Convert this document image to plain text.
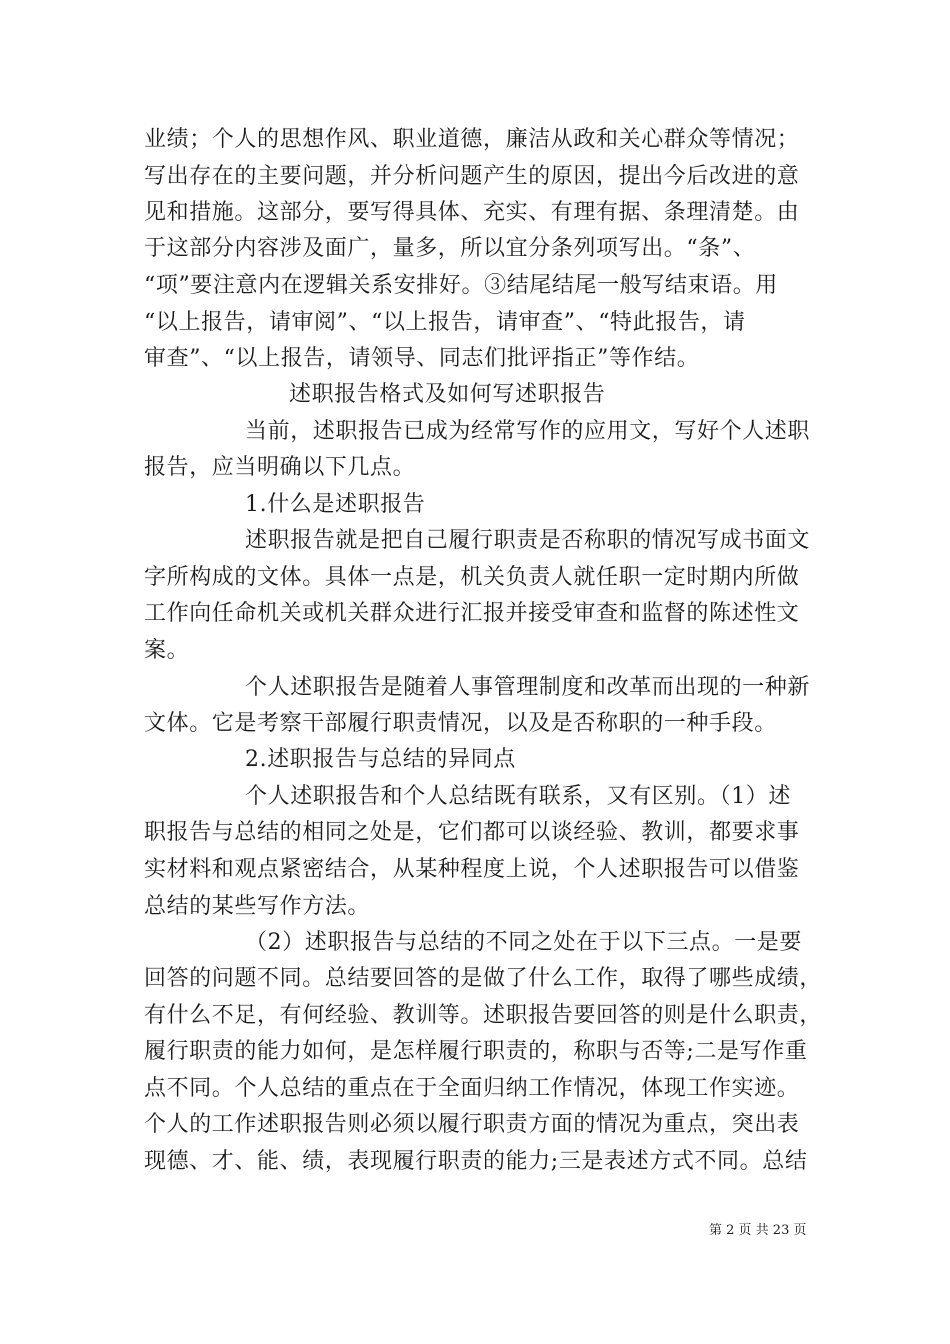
业绩；个人的思想作风、职业道德，廉洁从政和关心群众等情况；
写出存在的主要问题，并分析问题产生的原因，提出今后改进的意
见和措施。这部分，要写得具体、充实、有理有据、条理清楚。由
于这部分内容涉及面广，量多，所以宜分条列项写出。“条”、
“项”要注意内在逻辑关系安排好。③结尾结尾一般写结束语。用
“以上报告，请审阅”、“以上报告，请审查”、“特此报告，请
审查”、“以上报告，请领导、同志们批评指正”等作结。
述职报告格式及如何写述职报告
当前，述职报告已成为经常写作的应用文，写好个人述职
报告，应当明确以下几点。
1.什么是述职报告
述职报告就是把自己履行职责是否称职的情况写成书面文
字所构成的文体。具体一点是，机关负责人就任职一定时期内所做
工作向任命机关或机关群众进行汇报并接受审查和监督的陈述性文
案。
个人述职报告是随着人事管理制度和改革而出现的一种新
文体。它是考察干部履行职责情况，以及是否称职的一种手段。
2.述职报告与总结的异同点
个人述职报告和个人总结既有联系，又有区别。（1）述
职报告与总结的相同之处是，它们都可以谈经验、教训，都要求事
实材料和观点紧密结合，从某种程度上说，个人述职报告可以借鉴
总结的某些写作方法。
（2）述职报告与总结的不同之处在于以下三点。一是要
回答的问题不同。总结要回答的是做了什么工作，取得了哪些成绩，
有什么不足，有何经验、教训等。述职报告要回答的则是什么职责，
履行职责的能力如何，是怎样履行职责的，称职与否等;二是写作重
点不同。个人总结的重点在于全面归纳工作情况，体现工作实迹。
个人的工作述职报告则必须以履行职责方面的情况为重点，突出表
现德、才、能、绩，表现履行职责的能力;三是表述方式不同。总结
第 2 页 共 23 页
